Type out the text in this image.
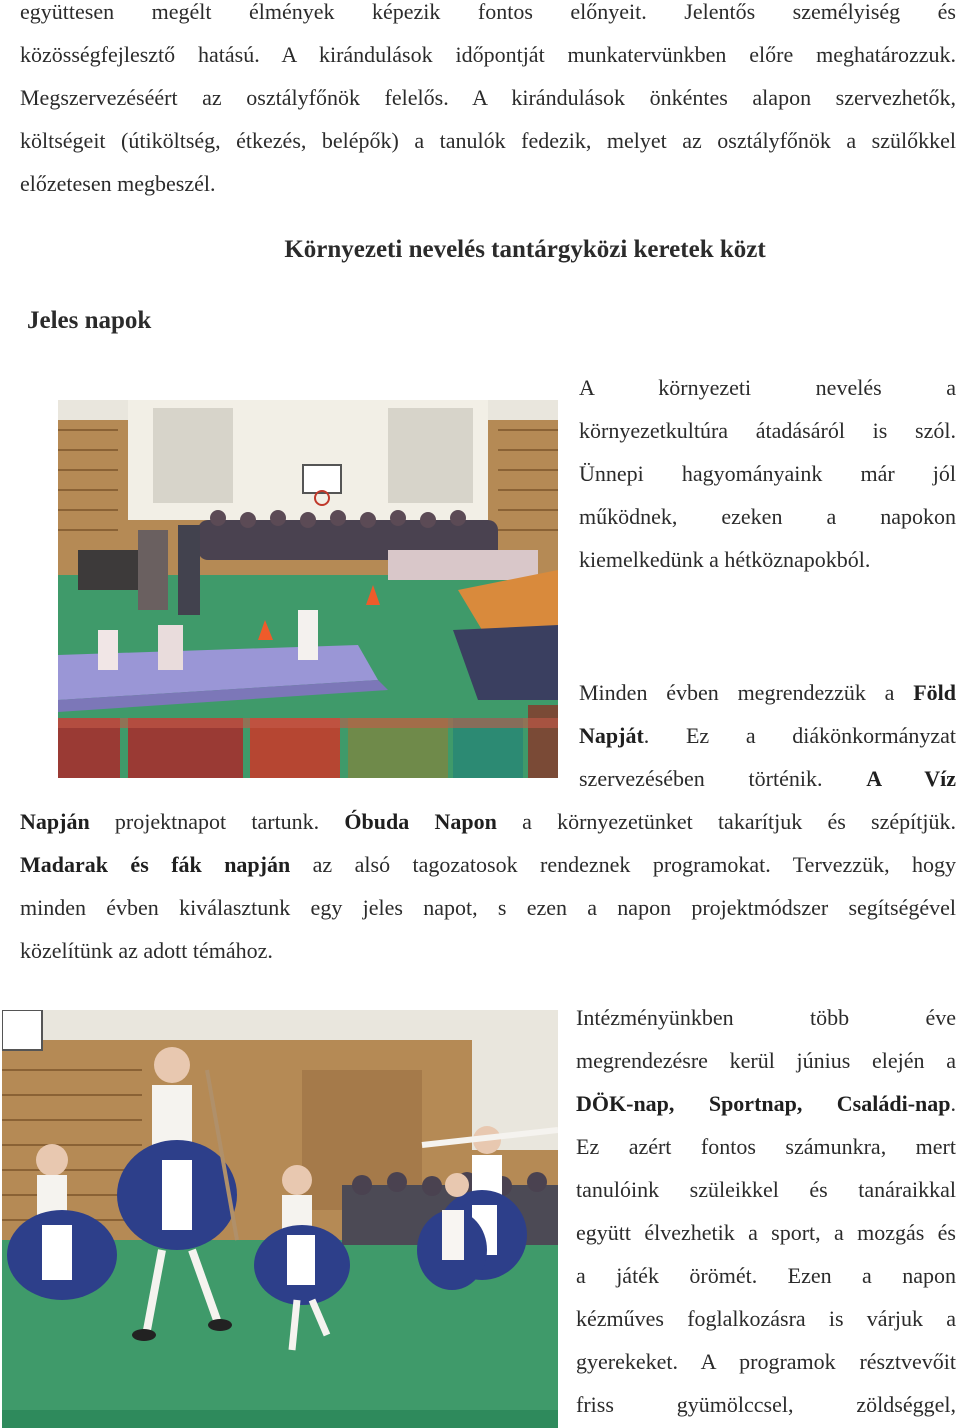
együttesen megélt élmények képezik fontos előnyeit. Jelentős személyiség és
közösségfejlesztő hatású. A kirándulások időpontját munkatervünkben előre meghatározzuk.
Megszervezéséért az osztályfőnök felelős. A kirándulások önkéntes alapon szervezhetők,
költségeit (útiköltség, étkezés, belépők) a tanulók fedezik, melyet az osztályfőnök a szülőkkel
előzetesen megbeszél.

Környezeti nevelés tantárgyközi keretek közt
Jeles napok

A környezeti nevelés a
környezetkultúra átadásáról is szól.
Ünnepi hagyományaink már jól
működnek, ezeken a napokon
kiemelkedünk a hétköznapokból.

Minden évben megrendezzük a Föld
Napját. Ez a diákönkormányzat
szervezésében történik. A Víz

Napján projektnapot tartunk. Óbuda Napon a környezetünket takarítjuk és szépítjük.
Madarak és fák napján az alsó tagozatosok rendeznek programokat. Tervezzük, hogy
minden évben kiválasztunk egy jeles napot, s ezen a napon projektmódszer segítségével
közelítünk az adott témához.

Intézményünkben több éve
megrendezésre kerül június elején a
DÖK-nap, Sportnap, Családi-nap.
Ez azért fontos számunkra, mert
tanulóink szüleikkel és tanáraikkal
együtt élvezhetik a sport, a mozgás és
a játék örömét. Ezen a napon
kézműves foglalkozásra is várjuk a
gyerekeket. A programok résztvevőit
friss gyümölccsel, zöldséggel,
